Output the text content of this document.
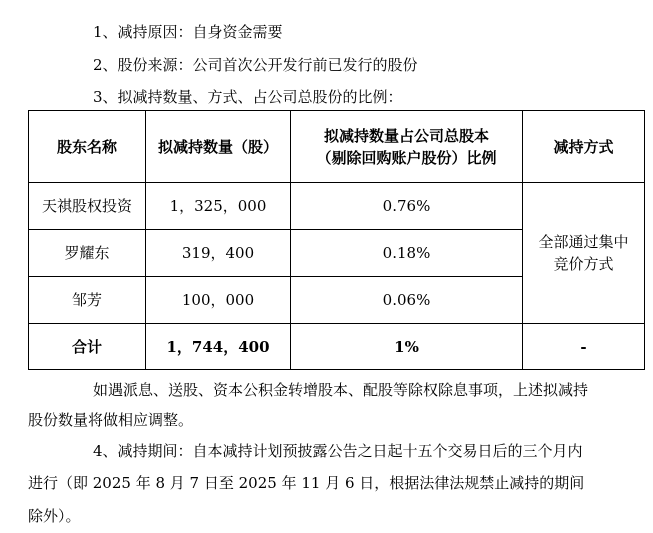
1、减持原因：自身资金需要
2、股份来源：公司首次公开发行前已发行的股份
3、拟减持数量、方式、占公司总股份的比例：
股东名称	拟减持数量（股）	拟减持数量占公司总股本
（剔除回购账户股份）比例	减持方式
天祺股权投资	1，325，000	0.76%	全部通过集中
竞价方式

罗耀东	319，400	0.18%	
邹芳	100，000	0.06%	
合计	1，744，400	1%	-
如遇派息、送股、资本公积金转增股本、配股等除权除息事项，上述拟减持
股份数量将做相应调整。
4、减持期间：自本减持计划预披露公告之日起十五个交易日后的三个月内
进行（即 2025 年 8 月 7 日至 2025 年 11 月 6 日，根据法律法规禁止减持的期间
除外）。
